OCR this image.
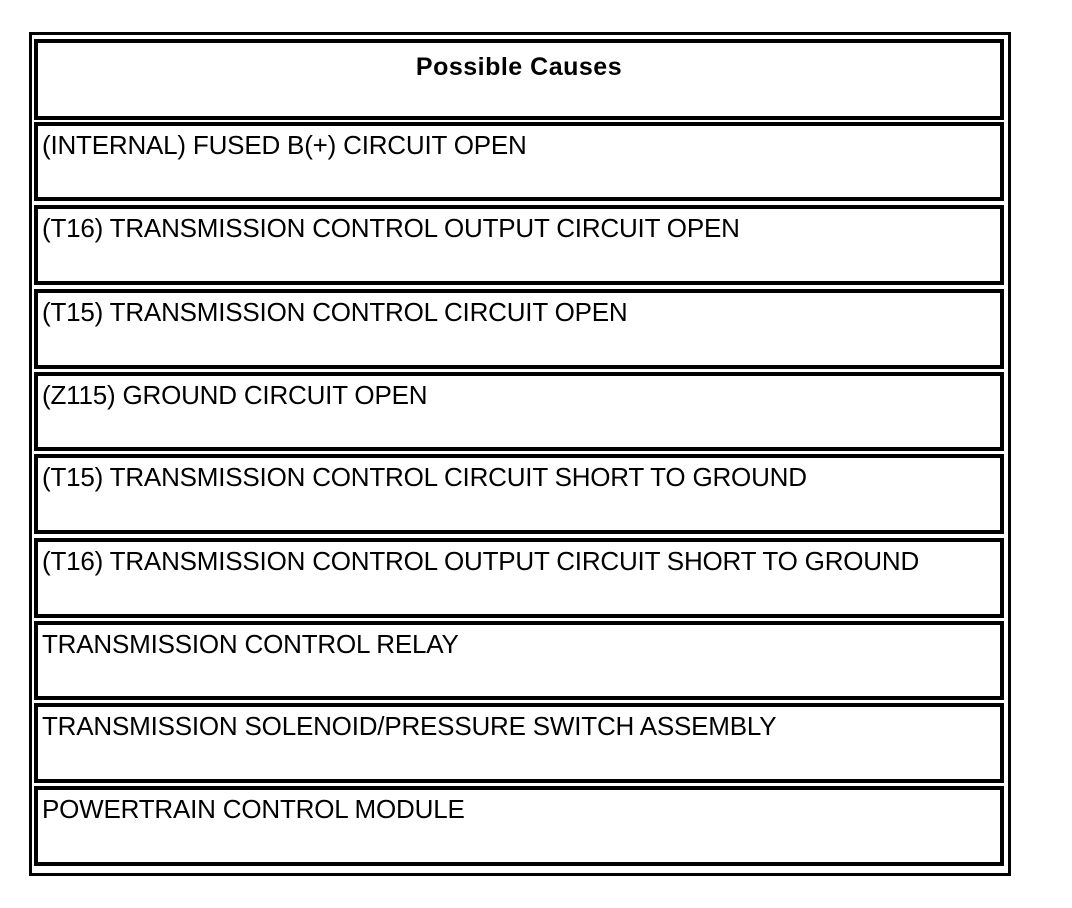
Possible Causes
(INTERNAL) FUSED B(+) CIRCUIT OPEN
(T16) TRANSMISSION CONTROL OUTPUT CIRCUIT OPEN
(T15) TRANSMISSION CONTROL CIRCUIT OPEN
(Z115) GROUND CIRCUIT OPEN
(T15) TRANSMISSION CONTROL CIRCUIT SHORT TO GROUND
(T16) TRANSMISSION CONTROL OUTPUT CIRCUIT SHORT TO GROUND
TRANSMISSION CONTROL RELAY
TRANSMISSION SOLENOID/PRESSURE SWITCH ASSEMBLY
POWERTRAIN CONTROL MODULE
